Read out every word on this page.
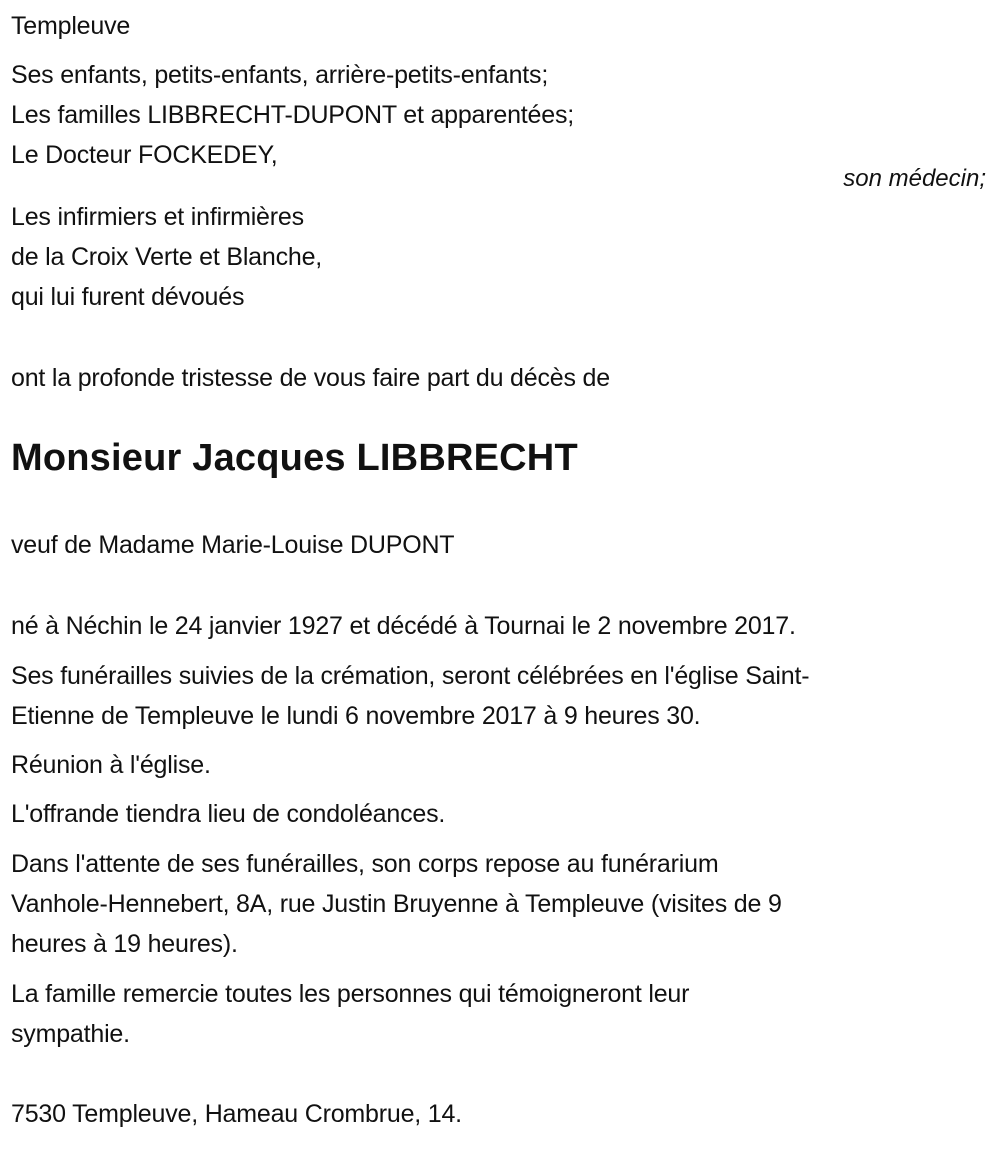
Templeuve
Ses enfants, petits-enfants, arrière-petits-enfants;
Les familles LIBBRECHT-DUPONT et apparentées;
Le Docteur FOCKEDEY,
son médecin;
Les infirmiers et infirmières
de la Croix Verte et Blanche,
qui lui furent dévoués
ont la profonde tristesse de vous faire part du décès de
Monsieur Jacques LIBBRECHT
veuf de Madame Marie-Louise DUPONT
né à Néchin le 24 janvier 1927 et décédé à Tournai le 2 novembre 2017.
Ses funérailles suivies de la crémation, seront célébrées en l'église Saint-
Etienne de Templeuve le lundi 6 novembre 2017 à 9 heures 30.
Réunion à l'église.
L'offrande tiendra lieu de condoléances.
Dans l'attente de ses funérailles, son corps repose au funérarium
Vanhole-Hennebert, 8A, rue Justin Bruyenne à Templeuve (visites de 9
heures à 19 heures).
La famille remercie toutes les personnes qui témoigneront leur
sympathie.
7530 Templeuve, Hameau Crombrue, 14.
